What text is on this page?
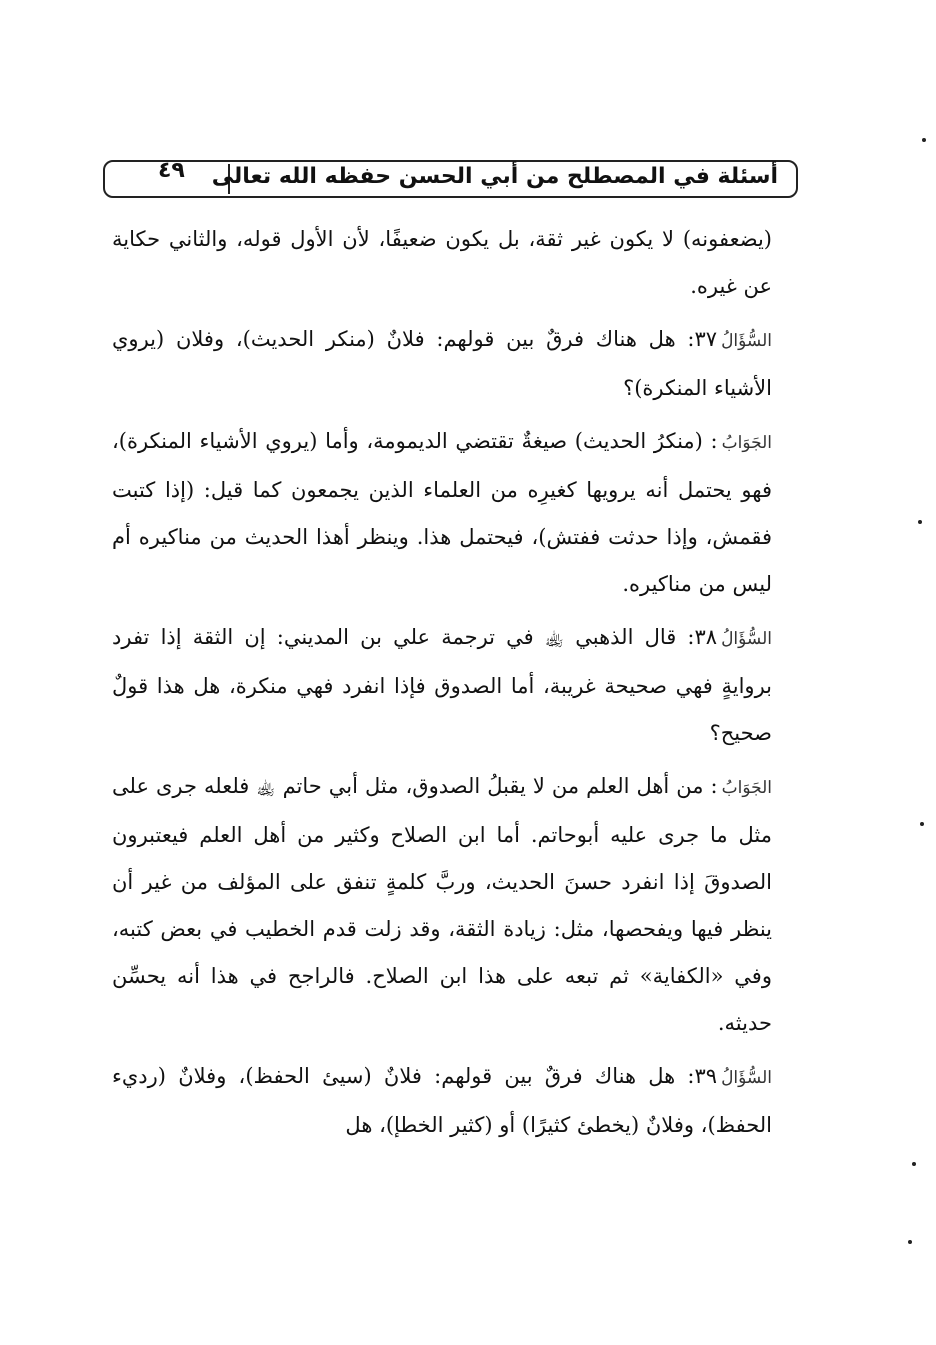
٤٩ أسئلة في المصطلح من أبي الحسن حفظه الله تعالى

(يضعفونه) لا يكون غير ثقة، بل يكون ضعيفًا، لأن الأول قوله، والثاني حكاية عن غيره.

السُّؤَالُ٣٧: هل هناك فرقٌ بين قولهم: فلانٌ (منكر الحديث)، وفلان (يروي الأشياء المنكرة)؟

الجَوَابُ: (منكرُ الحديث) صيغةٌ تقتضي الديمومة، وأما (يروي الأشياء المنكرة)، فهو يحتمل أنه يرويها كغيرِه من العلماء الذين يجمعون كما قيل: (إذا كتبت فقمش، وإذا حدثت ففتش)، فيحتمل هذا. وينظر أهذا الحديث من مناكيره أم ليس من مناكيره.

السُّؤَالُ٣٨: قال الذهبي ﵀ في ترجمة علي بن المديني: إن الثقة إذا تفرد بروايةٍ فهي صحيحة غريبة، أما الصدوق فإذا انفرد فهي منكرة، هل هذا قولٌ صحيح؟

الجَوَابُ: من أهل العلم من لا يقبلُ الصدوق، مثل أبي حاتم ﵀ فلعله جرى على مثل ما جرى عليه أبوحاتم. أما ابن الصلاح وكثير من أهل العلم فيعتبرون الصدوقَ إذا انفرد حسنَ الحديث، وربَّ كلمةٍ تنفق على المؤلف من غير أن ينظر فيها ويفحصها، مثل: زيادة الثقة، وقد زلت قدم الخطيب في بعض كتبه، وفي «الكفاية» ثم تبعه على هذا ابن الصلاح. فالراجح في هذا أنه يحسِّن حديثه.

السُّؤَالُ٣٩: هل هناك فرقٌ بين قولهم: فلانٌ (سيئ الحفظ)، وفلانٌ (رديء الحفظ)، وفلانٌ (يخطئ كثيرًا) أو (كثير الخطإ)، هل
